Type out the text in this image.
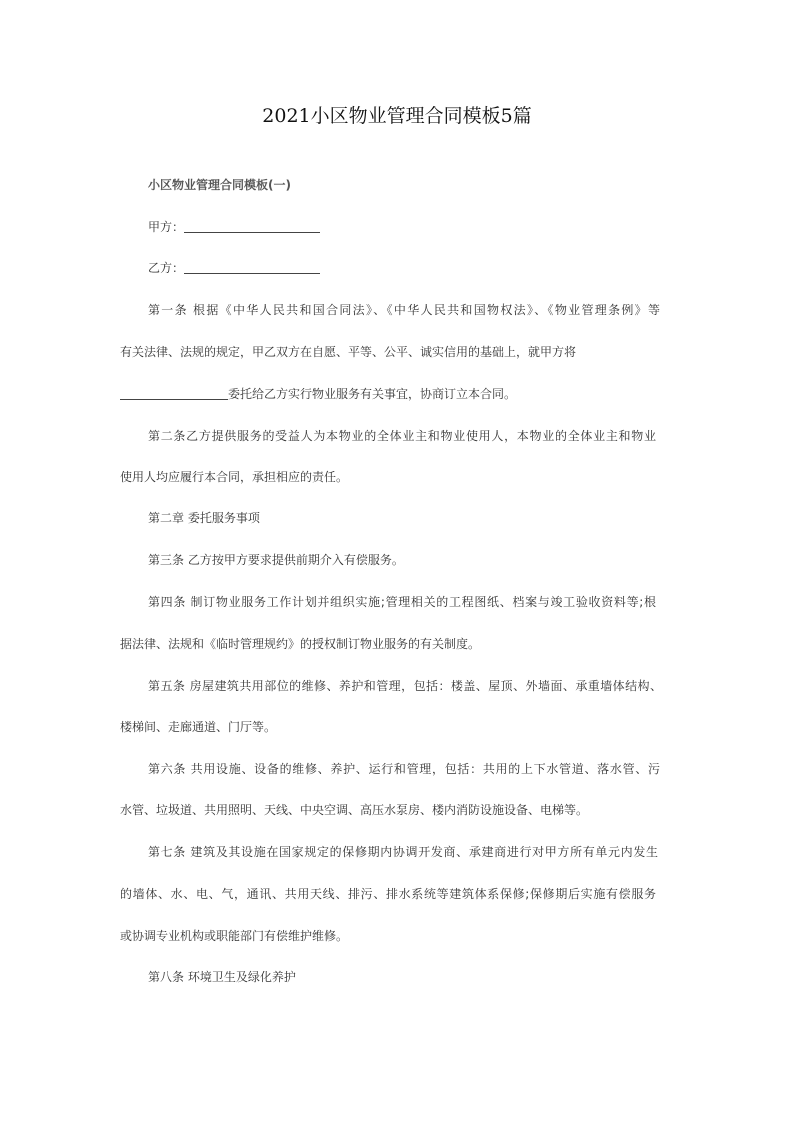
2021小区物业管理合同模板5篇
小区物业管理合同模板(一)
甲方：
乙方：
第一条 根据《中华人民共和国合同法》、《中华人民共和国物权法》、《物业管理条例》等
有关法律、法规的规定，甲乙双方在自愿、平等、公平、诚实信用的基础上，就甲方将
委托给乙方实行物业服务有关事宜，协商订立本合同。
第二条乙方提供服务的受益人为本物业的全体业主和物业使用人，本物业的全体业主和物业
使用人均应履行本合同，承担相应的责任。
第二章 委托服务事项
第三条 乙方按甲方要求提供前期介入有偿服务。
第四条 制订物业服务工作计划并组织实施;管理相关的工程图纸、档案与竣工验收资料等;根
据法律、法规和《临时管理规约》的授权制订物业服务的有关制度。
第五条 房屋建筑共用部位的维修、养护和管理，包括：楼盖、屋顶、外墙面、承重墙体结构、
楼梯间、走廊通道、门厅等。
第六条 共用设施、设备的维修、养护、运行和管理，包括：共用的上下水管道、落水管、污
水管、垃圾道、共用照明、天线、中央空调、高压水泵房、楼内消防设施设备、电梯等。
第七条 建筑及其设施在国家规定的保修期内协调开发商、承建商进行对甲方所有单元内发生
的墙体、水、电、气，通讯、共用天线、排污、排水系统等建筑体系保修;保修期后实施有偿服务
或协调专业机构或职能部门有偿维护维修。
第八条 环境卫生及绿化养护
